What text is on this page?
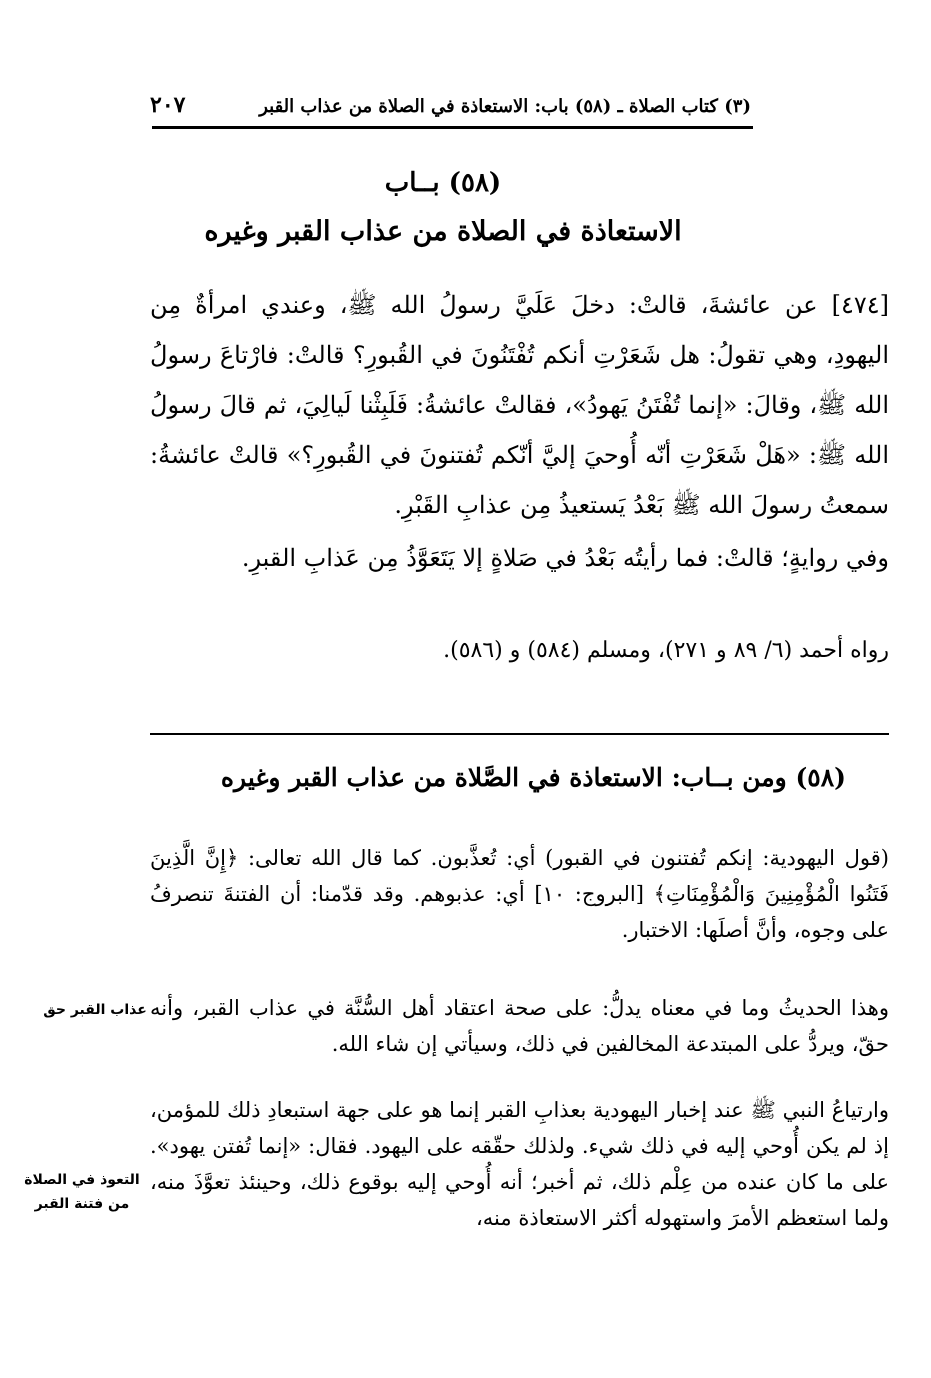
(٣) كتاب الصلاة ـ (٥٨) باب: الاستعاذة في الصلاة من عذاب القبر
٢٠٧
(٥٨) بــاب
الاستعاذة في الصلاة من عذاب القبر وغيره

[٤٧٤] عن عائشةَ، قالتْ: دخلَ عَلَيَّ رسولُ الله ﷺ، وعندي امرأةٌ مِن اليهودِ، وهي تقولُ: هل شَعَرْتِ أنكم تُفْتَنُونَ في القُبورِ؟ قالتْ: فارْتاعَ رسولُ الله ﷺ، وقالَ: «إنما تُفْتَنُ يَهودُ»، فقالتْ عائشةُ: فَلَبِثْنا لَيالِيَ، ثم قالَ رسولُ الله ﷺ: «هَلْ شَعَرْتِ أنّه أُوحيَ إليَّ أنّكم تُفتنونَ في القُبورِ؟» قالتْ عائشةُ: سمعتُ رسولَ الله ﷺ بَعْدُ يَستعيذُ مِن عذابِ القَبْرِ.

وفي روايةٍ؛ قالتْ: فما رأيتُه بَعْدُ في صَلاةٍ إلا يَتَعَوَّذُ مِن عَذابِ القبرِ.
رواه أحمد (٦/ ٨٩ و ٢٧١)، ومسلم (٥٨٤) و (٥٨٦).
(٥٨) ومن بــاب: الاستعاذة في الصَّلاة من عذاب القبر وغيره

(قول اليهودية: إنكم تُفتنون في القبور) أي: تُعذَّبون. كما قال الله تعالى: ﴿إِنَّ الَّذِينَ فَتَنُوا الْمُؤْمِنِينَ وَالْمُؤْمِنَاتِ﴾ [البروج: ١٠] أي: عذبوهم. وقد قدّمنا: أن الفتنةَ تنصرفُ على وجوه، وأنَّ أصلَها: الاختبار.

وهذا الحديثُ وما في معناه يدلُّ: على صحة اعتقاد أهل السُّنَّة في عذاب القبر، وأنه حقّ، ويردُّ على المبتدعة المخالفين في ذلك، وسيأتي إن شاء الله.

وارتياعُ النبي ﷺ عند إخبار اليهودية بعذابِ القبر إنما هو على جهة استبعادِ ذلك للمؤمن، إذ لم يكن أُوحي إليه في ذلك شيء. ولذلك حقّقه على اليهود. فقال: «إنما تُفتن يهود». على ما كان عنده من عِلْم ذلك، ثم أخبر؛ أنه أُوحي إليه بوقوع ذلك، وحينئذ تعوَّذَ منه، ولما استعظم الأمرَ واستهوله أكثر الاستعاذة منه،

عذاب القبر حق
التعوذ في الصلاة من فتنة القبر
